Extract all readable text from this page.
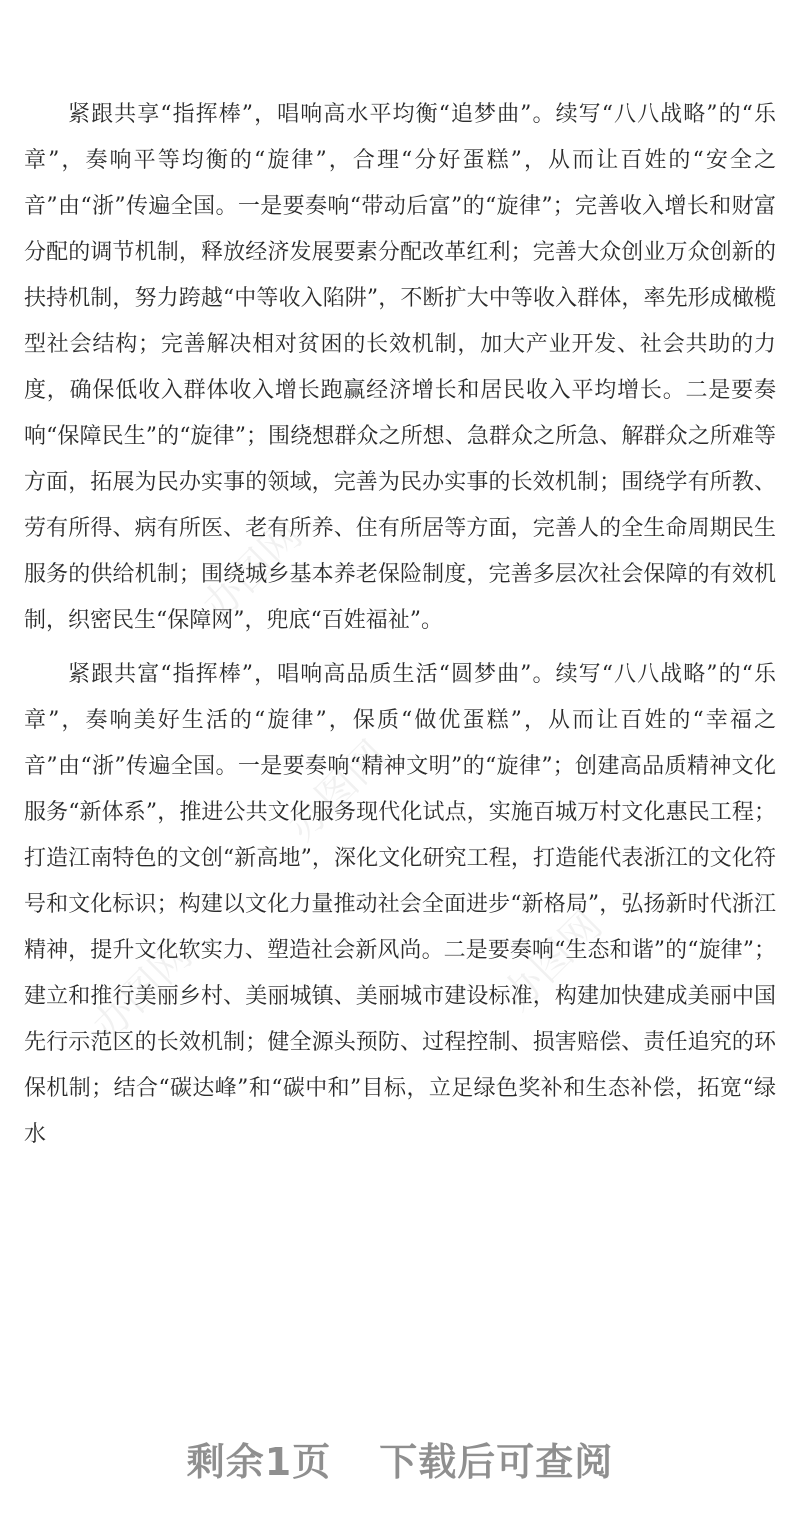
办图网
办图网
办图网	办图网

紧跟共享“指挥棒”，唱响高水平均衡“追梦曲”。续写“八八战略”的“乐章”，奏响平等均衡的“旋律”，合理“分好蛋糕”，从而让百姓的“安全之音”由“浙”传遍全国。一是要奏响“带动后富”的“旋律”；完善收入增长和财富分配的调节机制，释放经济发展要素分配改革红利；完善大众创业万众创新的扶持机制，努力跨越“中等收入陷阱”，不断扩大中等收入群体，率先形成橄榄型社会结构；完善解决相对贫困的长效机制，加大产业开发、社会共助的力度，确保低收入群体收入增长跑赢经济增长和居民收入平均增长。二是要奏响“保障民生”的“旋律”；围绕想群众之所想、急群众之所急、解群众之所难等方面，拓展为民办实事的领域，完善为民办实事的长效机制；围绕学有所教、劳有所得、病有所医、老有所养、住有所居等方面，完善人的全生命周期民生服务的供给机制；围绕城乡基本养老保险制度，完善多层次社会保障的有效机制，织密民生“保障网”，兜底“百姓福祉”。

紧跟共富“指挥棒”，唱响高品质生活“圆梦曲”。续写“八八战略”的“乐章”，奏响美好生活的“旋律”，保质“做优蛋糕”，从而让百姓的“幸福之音”由“浙”传遍全国。一是要奏响“精神文明”的“旋律”；创建高品质精神文化服务“新体系”，推进公共文化服务现代化试点，实施百城万村文化惠民工程；打造江南特色的文创“新高地”，深化文化研究工程，打造能代表浙江的文化符号和文化标识；构建以文化力量推动社会全面进步“新格局”，弘扬新时代浙江精神，提升文化软实力、塑造社会新风尚。二是要奏响“生态和谐”的“旋律”；建立和推行美丽乡村、美丽城镇、美丽城市建设标准，构建加快建成美丽中国先行示范区的长效机制；健全源头预防、过程控制、损害赔偿、责任追究的环保机制；结合“碳达峰”和“碳中和”目标，立足绿色奖补和生态补偿，拓宽“绿水

剩余1页 下载后可查阅
